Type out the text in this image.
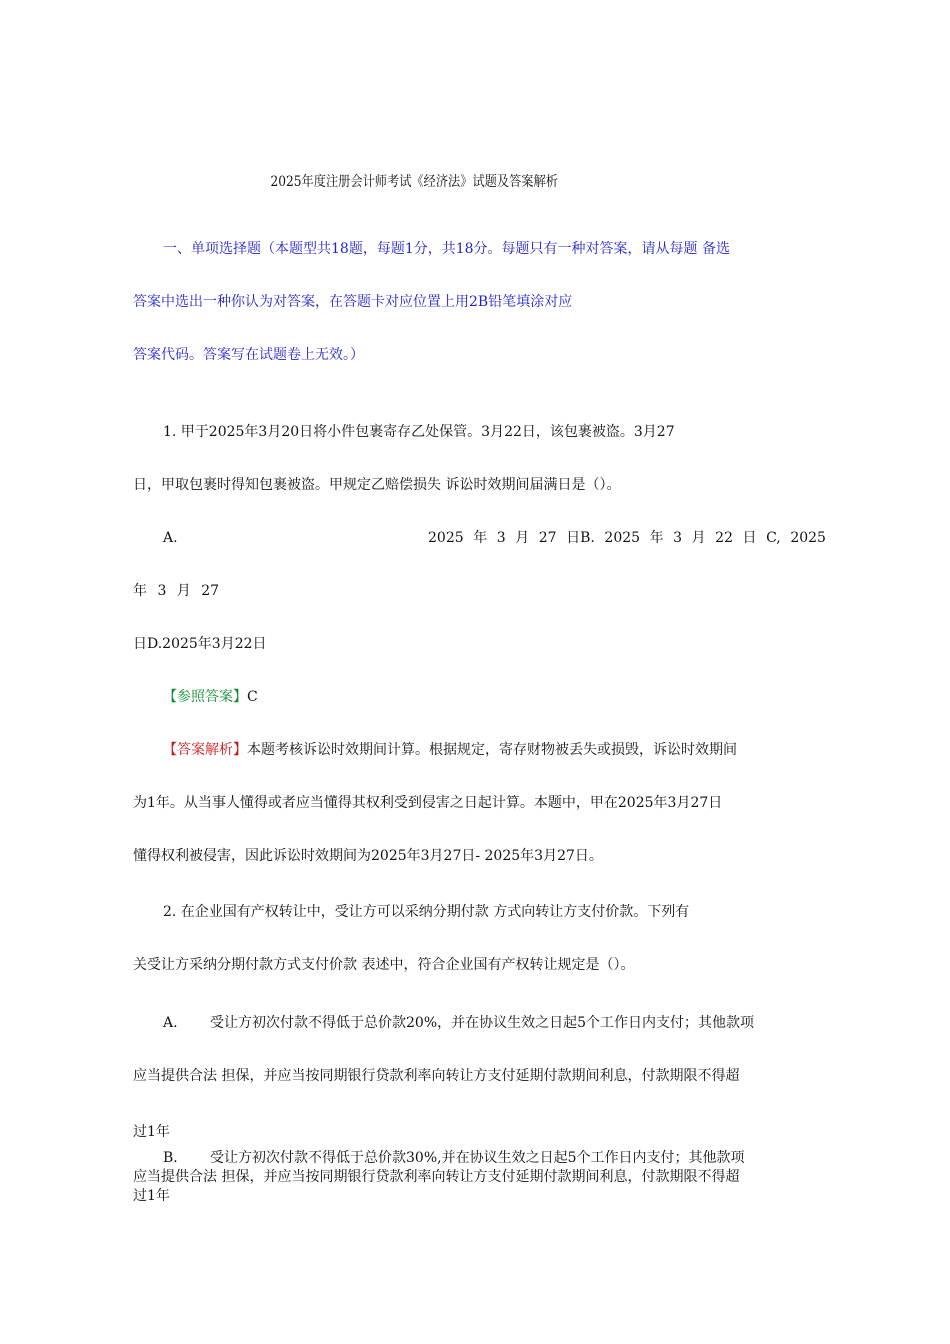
2025年度注册会计师考试《经济法》试题及答案解析

一、单项选择题（本题型共18题，每题1分，共18分。每题只有一种对答案，请从每题 备选

答案中选出一种你认为对答案，在答题卡对应位置上用2B铅笔填涂对应

答案代码。答案写在试题卷上无效。）

1. 甲于2025年3月20日将小件包裹寄存乙处保管。3月22日，该包裹被盗。3月27

日，甲取包裹时得知包裹被盗。甲规定乙赔偿损失 诉讼时效期间届满日是（）。

A.	2025 年 3 月 27 日B. 2025 年 3 月 22 日 C, 2025

年 3 月 27

日D.2025年3月22日

【参照答案】C

【答案解析】本题考核诉讼时效期间计算。根据规定，寄存财物被丢失或损毁，诉讼时效期间

为1年。从当事人懂得或者应当懂得其权利受到侵害之日起计算。本题中，甲在2025年3月27日

懂得权利被侵害，因此诉讼时效期间为2025年3月27日- 2025年3月27日。

2. 在企业国有产权转让中，受让方可以采纳分期付款 方式向转让方支付价款。下列有

关受让方采纳分期付款方式支付价款 表述中，符合企业国有产权转让规定是（）。

A. 受让方初次付款不得低于总价款20%，并在协议生效之日起5个工作日内支付；其他款项

应当提供合法 担保，并应当按同期银行贷款利率向转让方支付延期付款期间利息，付款期限不得超

过1年

B. 受让方初次付款不得低于总价款30%,并在协议生效之日起5个工作日内支付；其他款项

应当提供合法 担保，并应当按同期银行贷款利率向转让方支付延期付款期间利息，付款期限不得超

过1年
